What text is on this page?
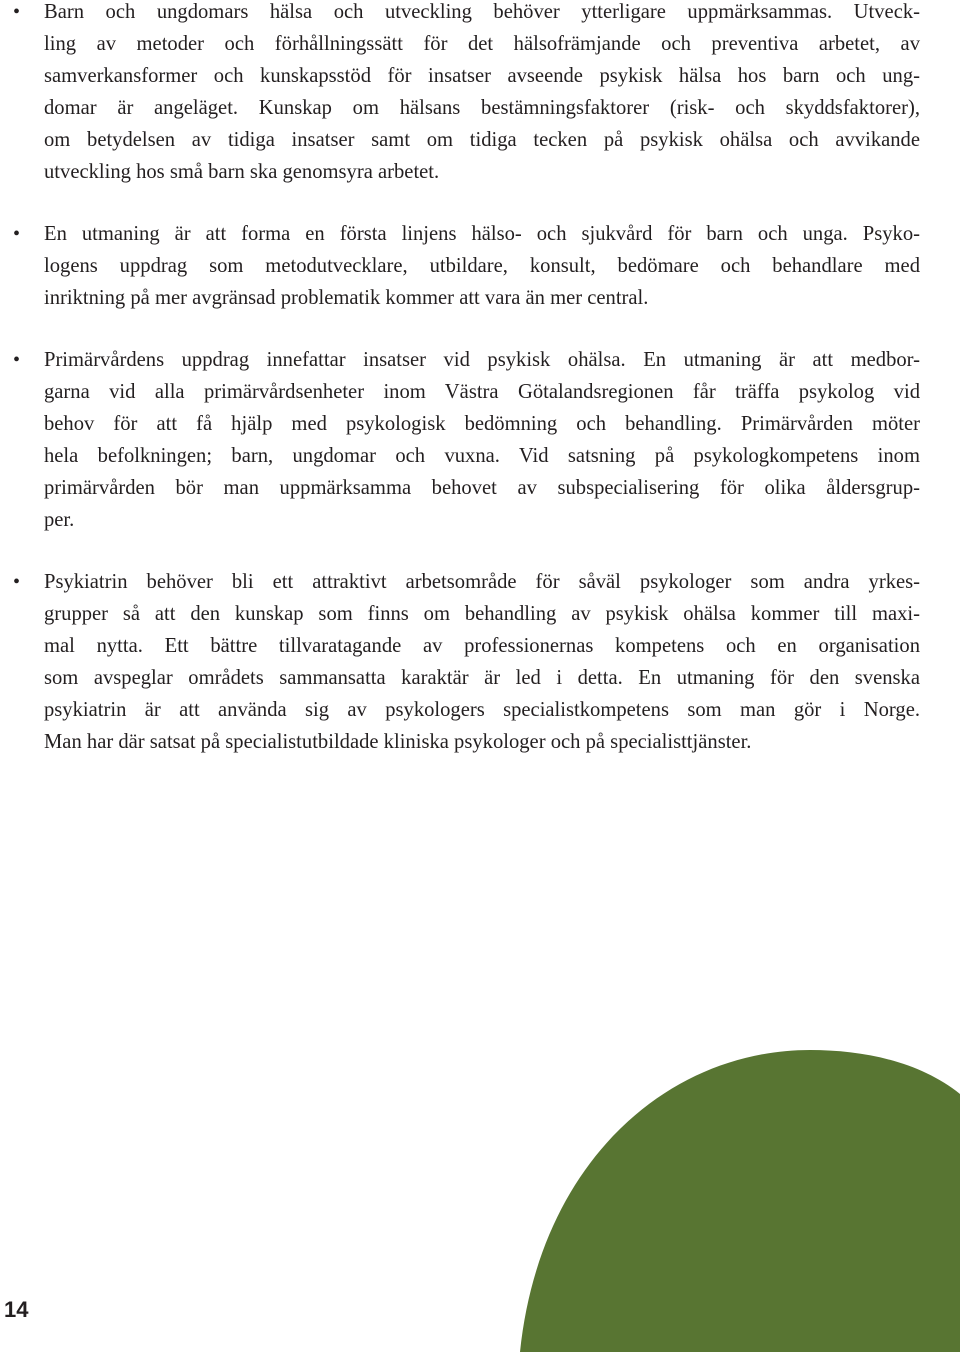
• Barn och ungdomars hälsa och utveckling behöver ytterligare uppmärksammas. Utveck-
ling av metoder och förhållningssätt för det hälsofrämjande och preventiva arbetet, av
samverkansformer och kunskapsstöd för insatser avseende psykisk hälsa hos barn och ung-
domar är angeläget. Kunskap om hälsans bestämningsfaktorer (risk- och skyddsfaktorer),
om betydelsen av tidiga insatser samt om tidiga tecken på psykisk ohälsa och avvikande
utveckling hos små barn ska genomsyra arbetet.
• En utmaning är att forma en första linjens hälso- och sjukvård för barn och unga. Psyko-
logens uppdrag som metodutvecklare, utbildare, konsult, bedömare och behandlare med
inriktning på mer avgränsad problematik kommer att vara än mer central.
• Primärvårdens uppdrag innefattar insatser vid psykisk ohälsa. En utmaning är att medbor-
garna vid alla primärvårdsenheter inom Västra Götalandsregionen får träffa psykolog vid
behov för att få hjälp med psykologisk bedömning och behandling. Primärvården möter
hela befolkningen; barn, ungdomar och vuxna. Vid satsning på psykologkompetens inom
primärvården bör man uppmärksamma behovet av subspecialisering för olika åldersgrup-
per.
• Psykiatrin behöver bli ett attraktivt arbetsområde för såväl psykologer som andra yrkes-
grupper så att den kunskap som finns om behandling av psykisk ohälsa kommer till maxi-
mal nytta. Ett bättre tillvaratagande av professionernas kompetens och en organisation
som avspeglar områdets sammansatta karaktär är led i detta. En utmaning för den svenska
psykiatrin är att använda sig av psykologers specialistkompetens som man gör i Norge.
Man har där satsat på specialistutbildade kliniska psykologer och på specialisttjänster.
14
